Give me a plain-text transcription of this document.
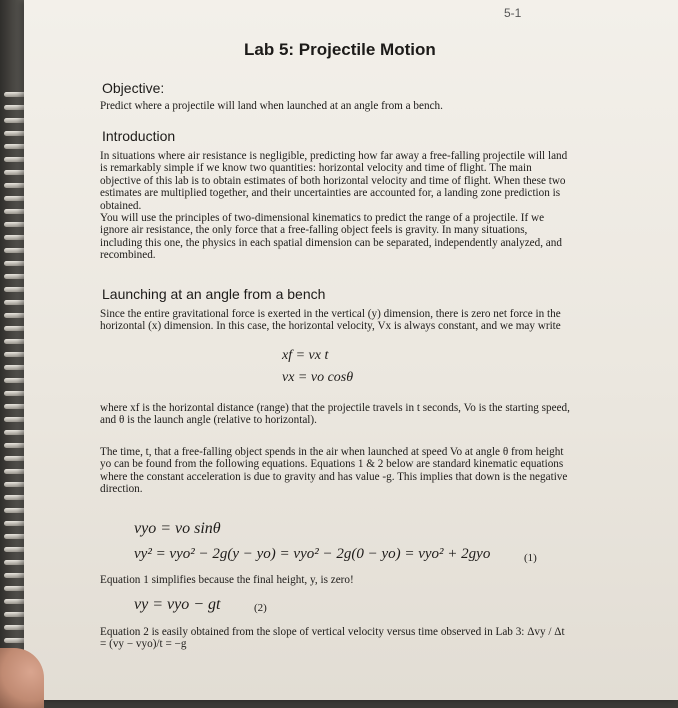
5-1
Lab 5: Projectile Motion
Objective:

Predict where a projectile will land when launched at an angle from a bench.

Introduction

In situations where air resistance is negligible, predicting how far away a free-falling projectile will land is remarkably simple if we know two quantities: horizontal velocity and time of flight. The main objective of this lab is to obtain estimates of both horizontal velocity and time of flight. When these two estimates are multiplied together, and their uncertainties are accounted for, a landing zone prediction is obtained.

You will use the principles of two-dimensional kinematics to predict the range of a projectile. If we ignore air resistance, the only force that a free-falling object feels is gravity. In many situations, including this one, the physics in each spatial dimension can be separated, independently analyzed, and recombined.

Launching at an angle from a bench

Since the entire gravitational force is exerted in the vertical (y) dimension, there is zero net force in the horizontal (x) dimension. In this case, the horizontal velocity, Vx is always constant, and we may write

xf = vx t
vx = vo cosθ

where xf is the horizontal distance (range) that the projectile travels in t seconds, Vo is the starting speed, and θ is the launch angle (relative to horizontal).

The time, t, that a free-falling object spends in the air when launched at speed Vo at angle θ from height yo can be found from the following equations. Equations 1 & 2 below are standard kinematic equations where the constant acceleration is due to gravity and has value -g. This implies that down is the negative direction.

vyo = vo sinθ
vy² = vyo² − 2g(y − yo) = vyo² − 2g(0 − yo) = vyo² + 2gyo	(1)

Equation 1 simplifies because the final height, y, is zero!

vy = vyo − gt	(2)

Equation 2 is easily obtained from the slope of vertical velocity versus time observed in Lab 3: Δvy / Δt = (vy − vyo)/t = −g
